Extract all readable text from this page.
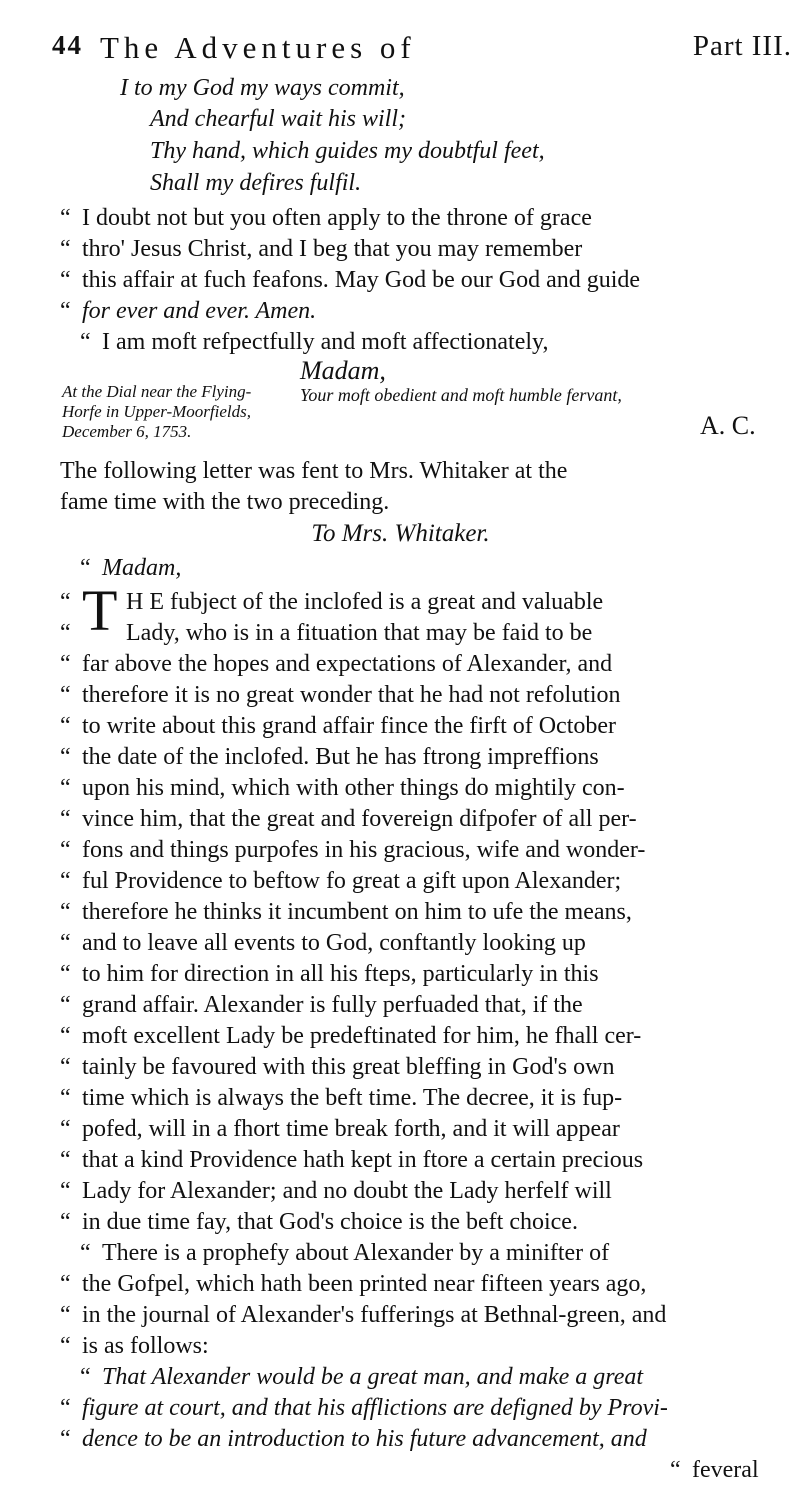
44 The Adventures of	Part III.
I to my God my ways commit,
And chearful wait his will;
Thy hand, which guides my doubtful feet,
Shall my defires fulfil.
“ I doubt not but you often apply to the throne of grace
“ thro' Jesus Christ, and I beg that you may remember
“ this affair at fuch feafons. May God be our God and guide
“ for ever and ever. Amen.
“ I am moft refpectfully and moft affectionately,
Madam,
At the Dial near the Flying-
Horfe in Upper-Moorfields,
December 6, 1753.
Your moft obedient and moft humble fervant,
A. C.
The following letter was fent to Mrs. Whitaker at the
fame time with the two preceding.
To Mrs. Whitaker.
“ Madam,
T
“ H E fubject of the inclofed is a great and valuable
“ Lady, who is in a fituation that may be faid to be
“ far above the hopes and expectations of Alexander, and
“ therefore it is no great wonder that he had not refolution
“ to write about this grand affair fince the firft of October
“ the date of the inclofed. But he has ftrong impreffions
“ upon his mind, which with other things do mightily con-
“ vince him, that the great and fovereign difpofer of all per-
“ fons and things purpofes in his gracious, wife and wonder-
“ ful Providence to beftow fo great a gift upon Alexander;
“ therefore he thinks it incumbent on him to ufe the means,
“ and to leave all events to God, conftantly looking up
“ to him for direction in all his fteps, particularly in this
“ grand affair. Alexander is fully perfuaded that, if the
“ moft excellent Lady be predeftinated for him, he fhall cer-
“ tainly be favoured with this great bleffing in God's own
“ time which is always the beft time. The decree, it is fup-
“ pofed, will in a fhort time break forth, and it will appear
“ that a kind Providence hath kept in ftore a certain precious
“ Lady for Alexander; and no doubt the Lady herfelf will
“ in due time fay, that God's choice is the beft choice.
“ There is a prophefy about Alexander by a minifter of
“ the Gofpel, which hath been printed near fifteen years ago,
“ in the journal of Alexander's fufferings at Bethnal-green, and
“ is as follows:
“ That Alexander would be a great man, and make a great
“ figure at court, and that his afflictions are defigned by Provi-
“ dence to be an introduction to his future advancement, and
“ feveral
